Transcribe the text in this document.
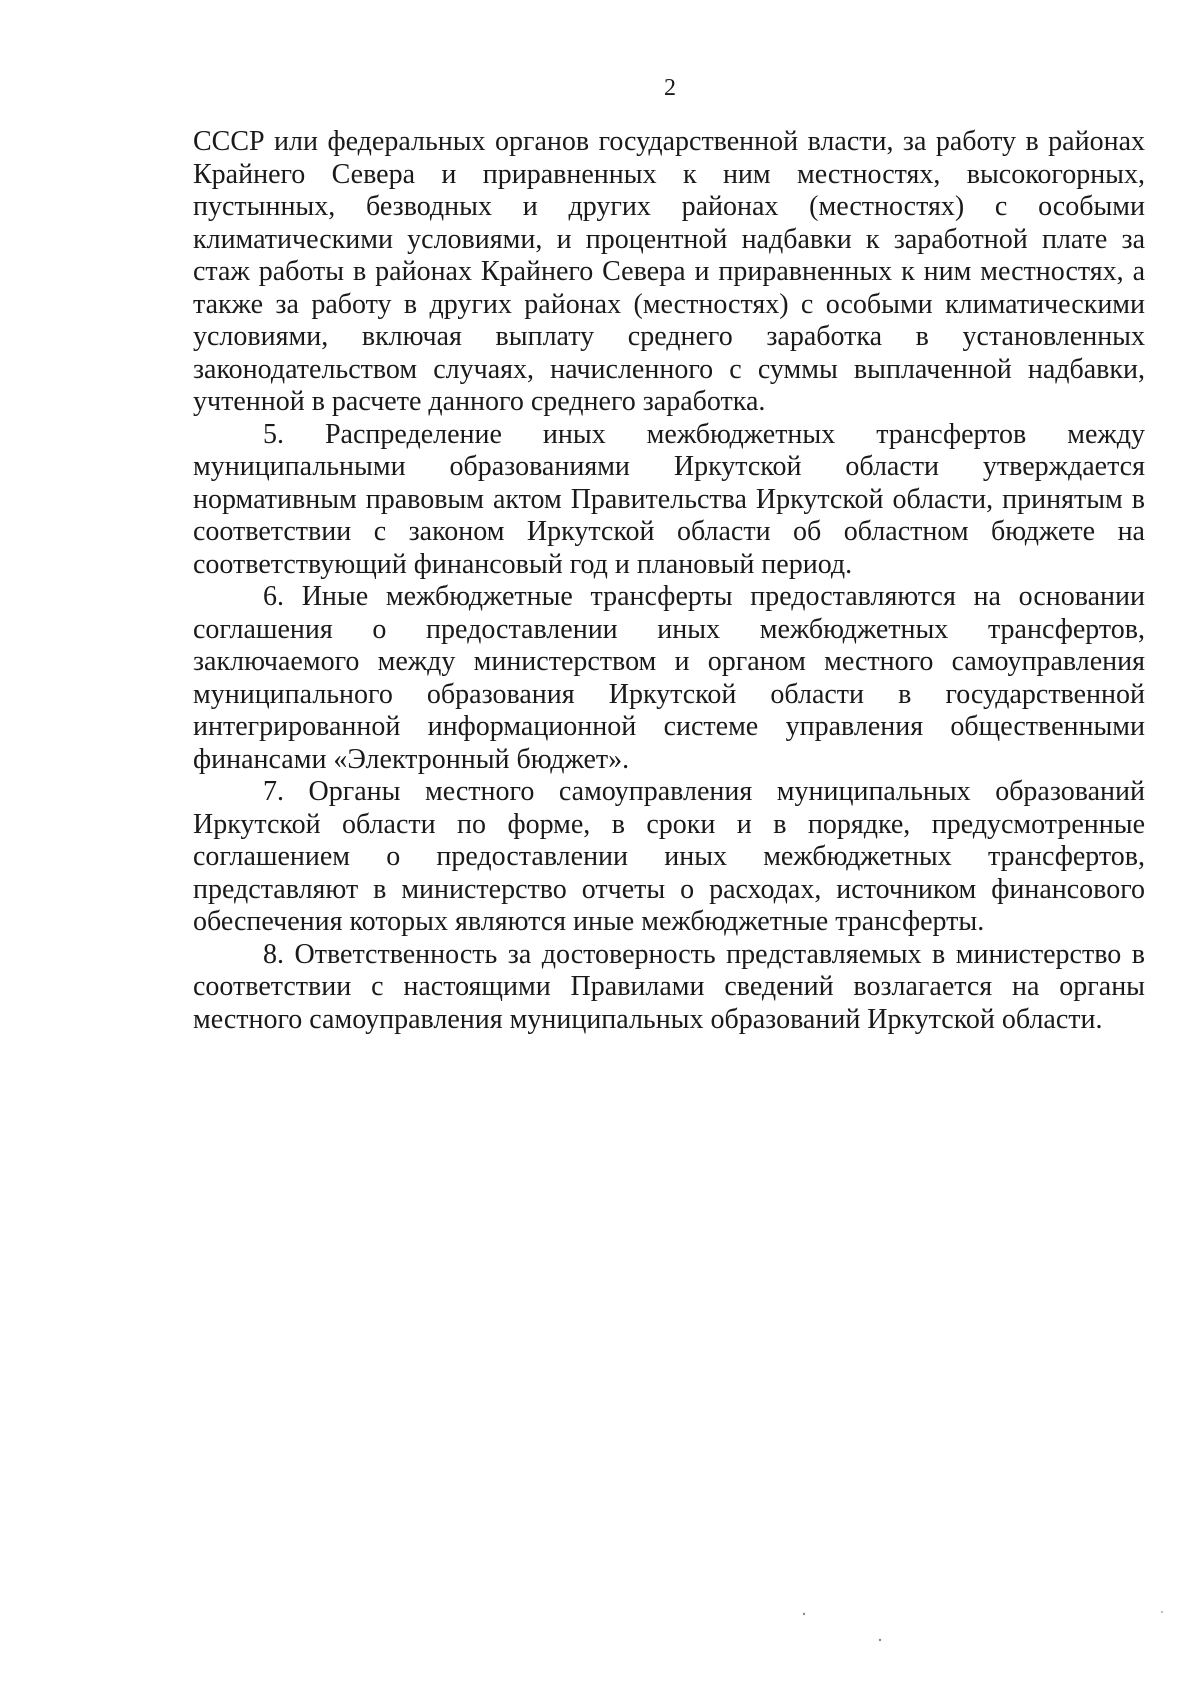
2

СССР или федеральных органов государственной власти, за работу в районах Крайнего Севера и приравненных к ним местностях, высокогорных, пустынных, безводных и других районах (местностях) с особыми климатическими условиями, и процентной надбавки к заработной плате за стаж работы в районах Крайнего Севера и приравненных к ним местностях, а также за работу в других районах (местностях) с особыми климатическими условиями, включая выплату среднего заработка в установленных законодательством случаях, начисленного с суммы выплаченной надбавки, учтенной в расчете данного среднего заработка.

5. Распределение иных межбюджетных трансфертов между муниципальными образованиями Иркутской области утверждается нормативным правовым актом Правительства Иркутской области, принятым в соответствии с законом Иркутской области об областном бюджете на соответствующий финансовый год и плановый период.

6. Иные межбюджетные трансферты предоставляются на основании соглашения о предоставлении иных межбюджетных трансфертов, заключаемого между министерством и органом местного самоуправления муниципального образования Иркутской области в государственной интегрированной информационной системе управления общественными финансами «Электронный бюджет».

7. Органы местного самоуправления муниципальных образований Иркутской области по форме, в сроки и в порядке, предусмотренные соглашением о предоставлении иных межбюджетных трансфертов, представляют в министерство отчеты о расходах, источником финансового обеспечения которых являются иные межбюджетные трансферты.

8. Ответственность за достоверность представляемых в министерство в соответствии с настоящими Правилами сведений возлагается на органы местного самоуправления муниципальных образований Иркутской области.
